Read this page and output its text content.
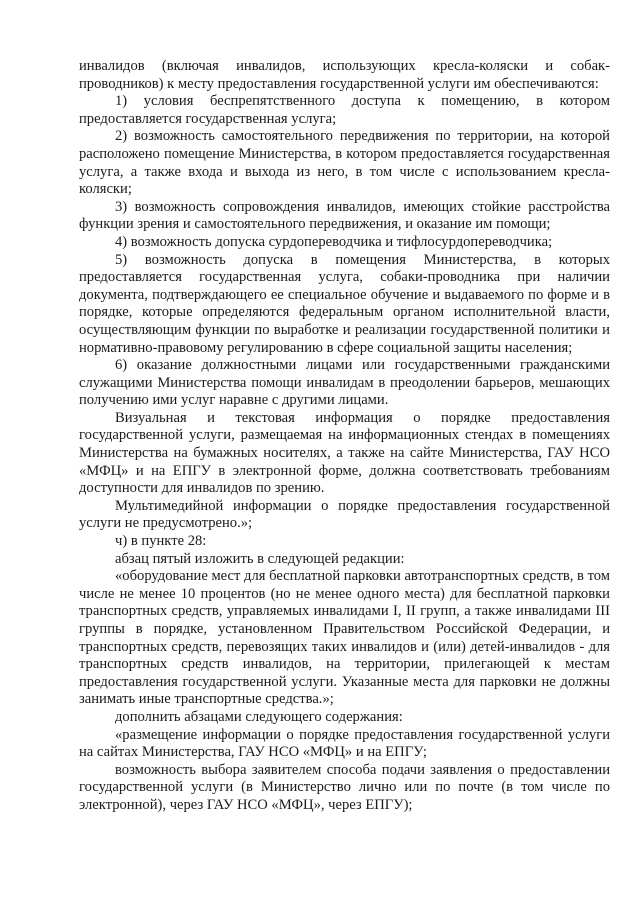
инвалидов (включая инвалидов, использующих кресла-коляски и собак-проводников) к месту предоставления государственной услуги им обеспечиваются:

1) условия беспрепятственного доступа к помещению, в котором предоставляется государственная услуга;

2) возможность самостоятельного передвижения по территории, на которой расположено помещение Министерства, в котором предоставляется государственная услуга, а также входа и выхода из него, в том числе с использованием кресла-коляски;

3) возможность сопровождения инвалидов, имеющих стойкие расстройства функции зрения и самостоятельного передвижения, и оказание им помощи;

4) возможность допуска сурдопереводчика и тифлосурдопереводчика;

5) возможность допуска в помещения Министерства, в которых предоставляется государственная услуга, собаки-проводника при наличии документа, подтверждающего ее специальное обучение и выдаваемого по форме и в порядке, которые определяются федеральным органом исполнительной власти, осуществляющим функции по выработке и реализации государственной политики и нормативно-правовому регулированию в сфере социальной защиты населения;

6) оказание должностными лицами или государственными гражданскими служащими Министерства помощи инвалидам в преодолении барьеров, мешающих получению ими услуг наравне с другими лицами.

Визуальная и текстовая информация о порядке предоставления государственной услуги, размещаемая на информационных стендах в помещениях Министерства на бумажных носителях, а также на сайте Министерства, ГАУ НСО «МФЦ» и на ЕПГУ в электронной форме, должна соответствовать требованиям доступности для инвалидов по зрению.

Мультимедийной информации о порядке предоставления государственной услуги не предусмотрено.»;

ч) в пункте 28:

абзац пятый изложить в следующей редакции:

«оборудование мест для бесплатной парковки автотранспортных средств, в том числе не менее 10 процентов (но не менее одного места) для бесплатной парковки транспортных средств, управляемых инвалидами I, II групп, а также инвалидами III группы в порядке, установленном Правительством Российской Федерации, и транспортных средств, перевозящих таких инвалидов и (или) детей-инвалидов - для транспортных средств инвалидов, на территории, прилегающей к местам предоставления государственной услуги. Указанные места для парковки не должны занимать иные транспортные средства.»;

дополнить абзацами следующего содержания:

«размещение информации о порядке предоставления государственной услуги на сайтах Министерства, ГАУ НСО «МФЦ» и на ЕПГУ;

возможность выбора заявителем способа подачи заявления о предоставлении государственной услуги (в Министерство лично или по почте (в том числе по электронной), через ГАУ НСО «МФЦ», через ЕПГУ);
